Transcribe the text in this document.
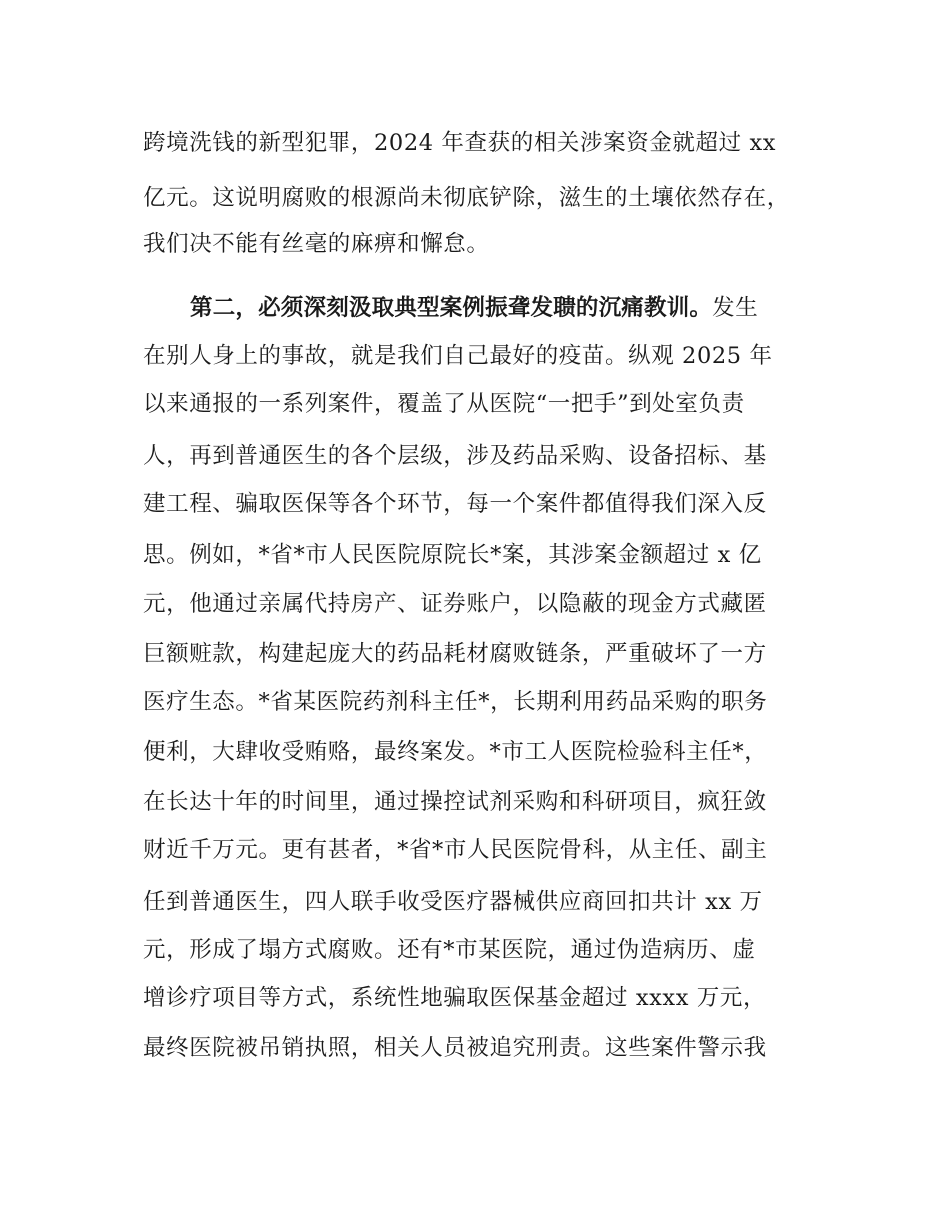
跨境洗钱的新型犯罪，2024 年查获的相关涉案资金就超过 xx
亿元。这说明腐败的根源尚未彻底铲除，滋生的土壤依然存在，
我们决不能有丝毫的麻痹和懈怠。
第二，必须深刻汲取典型案例振聋发聩的沉痛教训。发生
在别人身上的事故，就是我们自己最好的疫苗。纵观 2025 年
以来通报的一系列案件，覆盖了从医院“一把手”到处室负责
人，再到普通医生的各个层级，涉及药品采购、设备招标、基
建工程、骗取医保等各个环节，每一个案件都值得我们深入反
思。例如，*省*市人民医院原院长*案，其涉案金额超过 x 亿
元，他通过亲属代持房产、证券账户，以隐蔽的现金方式藏匿
巨额赃款，构建起庞大的药品耗材腐败链条，严重破坏了一方
医疗生态。*省某医院药剂科主任*，长期利用药品采购的职务
便利，大肆收受贿赂，最终案发。*市工人医院检验科主任*，
在长达十年的时间里，通过操控试剂采购和科研项目，疯狂敛
财近千万元。更有甚者，*省*市人民医院骨科，从主任、副主
任到普通医生，四人联手收受医疗器械供应商回扣共计 xx 万
元，形成了塌方式腐败。还有*市某医院，通过伪造病历、虚
增诊疗项目等方式，系统性地骗取医保基金超过 xxxx 万元，
最终医院被吊销执照，相关人员被追究刑责。这些案件警示我
